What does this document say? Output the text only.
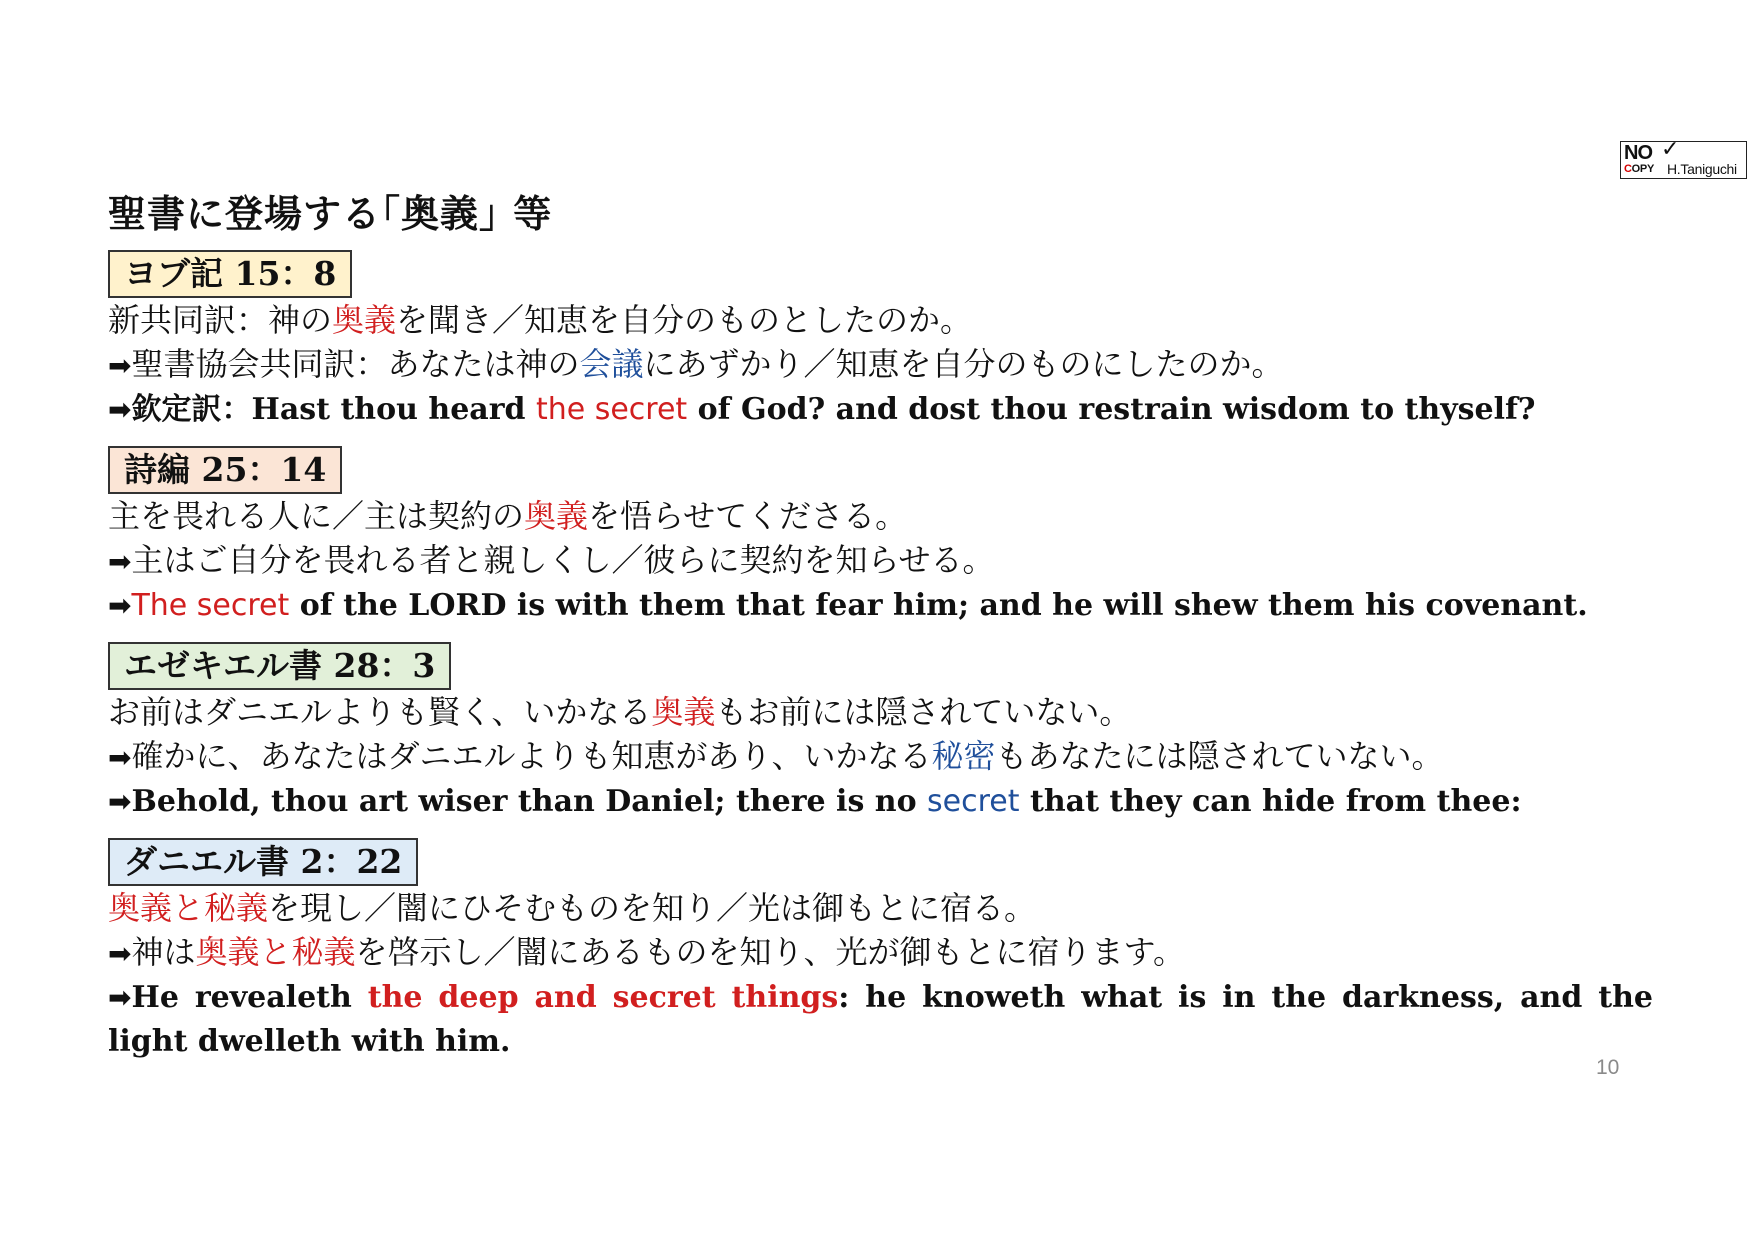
聖書に登場する｢奥義｣ 等
NO ✓
COPY H.Taniguchi
ヨブ記 15：8
新共同訳：神の奥義を聞き／知恵を自分のものとしたのか。
➡聖書協会共同訳：あなたは神の会議にあずかり／知恵を自分のものにしたのか。
➡欽定訳：Hast thou heard the secret of God? and dost thou restrain wisdom to thyself?
詩編 25：14
主を畏れる人に／主は契約の奥義を悟らせてくださる。
➡主はご自分を畏れる者と親しくし／彼らに契約を知らせる。
➡The secret of the LORD is with them that fear him; and he will shew them his covenant.
エゼキエル書 28：3
お前はダニエルよりも賢く、いかなる奥義もお前には隠されていない。
➡確かに、あなたはダニエルよりも知恵があり、いかなる秘密もあなたには隠されていない。
➡Behold, thou art wiser than Daniel; there is no secret that they can hide from thee:
ダニエル書 2：22
奥義と秘義を現し／闇にひそむものを知り／光は御もとに宿る。
➡神は奥義と秘義を啓示し／闇にあるものを知り、光が御もとに宿ります。
➡He revealeth the deep and secret things: he knoweth what is in the darkness, and the light dwelleth with him.
10
